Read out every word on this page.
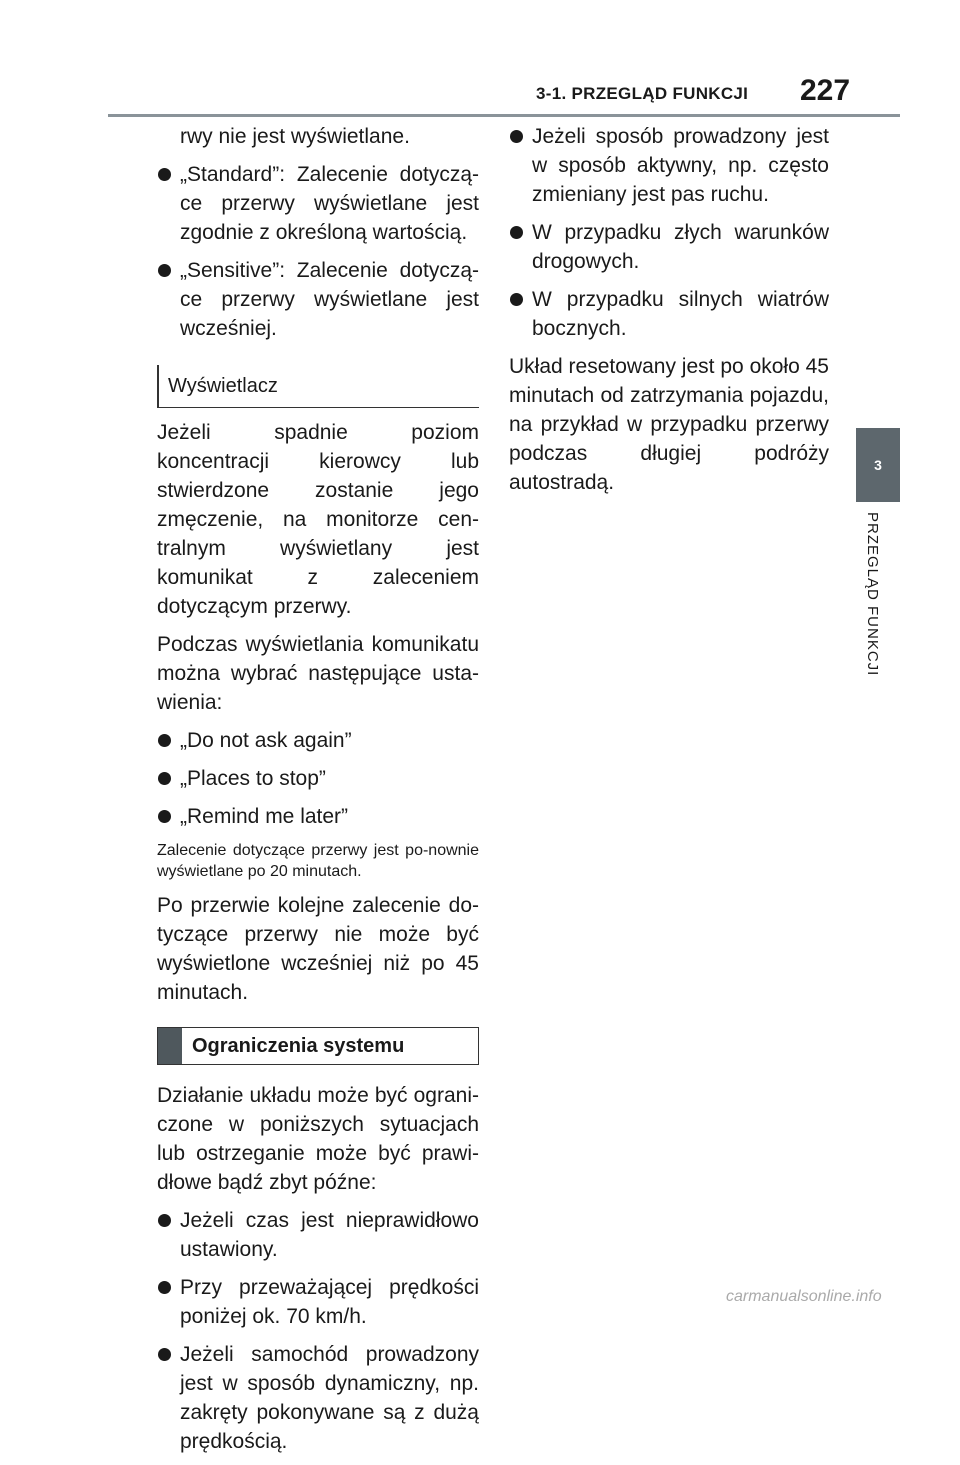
3-1. PRZEGLĄD FUNKCJI 227
3
PRZEGLĄD FUNKCJI

rwy nie jest wyświetlane.

„Standard”: Zalecenie dotyczą-ce przerwy wyświetlane jest zgodnie z określoną wartością.
„Sensitive”: Zalecenie dotyczą-ce przerwy wyświetlane jest wcześniej.
Wyświetlacz

Jeżeli spadnie poziom koncentracji kierowcy lub stwierdzone zostanie jego zmęczenie, na monitorze cen-tralnym wyświetlany jest komunikat z zaleceniem dotyczącym przerwy.

Podczas wyświetlania komunikatu można wybrać następujące usta-wienia:

„Do not ask again”
„Places to stop”
„Remind me later”

Zalecenie dotyczące przerwy jest po-nownie wyświetlane po 20 minutach.

Po przerwie kolejne zalecenie do-tyczące przerwy nie może być wyświetlone wcześniej niż po 45 minutach.

Ograniczenia systemu

Działanie układu może być ograni-czone w poniższych sytuacjach lub ostrzeganie może być prawi-dłowe bądź zbyt późne:

Jeżeli czas jest nieprawidłowo ustawiony.
Przy przeważającej prędkości poniżej ok. 70 km/h.
Jeżeli samochód prowadzony jest w sposób dynamiczny, np. zakręty pokonywane są z dużą prędkością.
Jeżeli sposób prowadzony jest w sposób aktywny, np. często zmieniany jest pas ruchu.
W przypadku złych warunków drogowych.
W przypadku silnych wiatrów bocznych.

Układ resetowany jest po około 45 minutach od zatrzymania pojazdu, na przykład w przypadku przerwy podczas długiej podróży autostradą.

carmanualsonline.info
